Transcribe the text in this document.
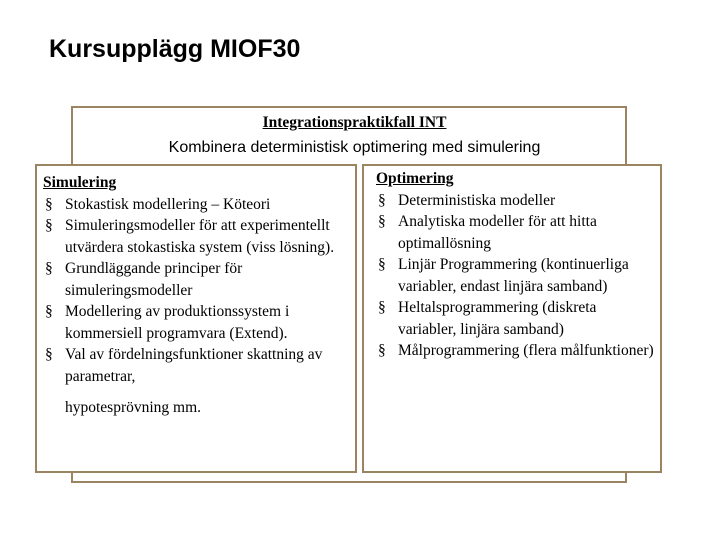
Kursupplägg MIOF30
Integrationspraktikfall INT
Kombinera deterministisk optimering med simulering
Simulering
§ Stokastisk modellering – Köteori
§ Simuleringsmodeller för att experimentellt utvärdera stokastiska system (viss lösning).
§ Grundläggande principer för simuleringsmodeller
§ Modellering av produktionssystem i kommersiell programvara (Extend).
§ Val av fördelningsfunktioner skattning av parametrar,
hypotesprövning mm.
Optimering
§ Deterministiska modeller
§ Analytiska modeller för att hitta optimallösning
§ Linjär Programmering (kontinuerliga variabler, endast linjära samband)
§ Heltalsprogrammering (diskreta variabler, linjära samband)
§ Målprogrammering (flera målfunktioner)
